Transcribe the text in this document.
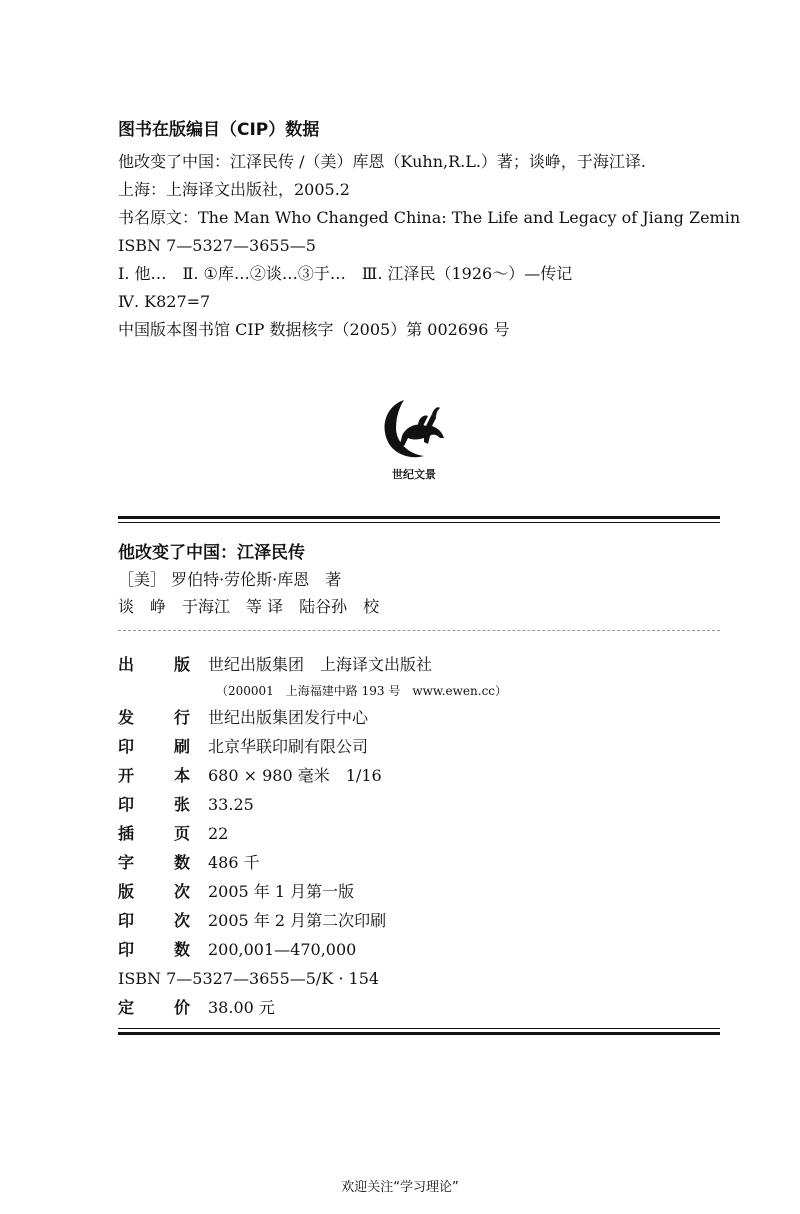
图书在版编目（CIP）数据
他改变了中国：江泽民传 /（美）库恩（Kuhn,R.L.）著；谈峥，于海江译.
上海：上海译文出版社，2005.2
书名原文：The Man Who Changed China: The Life and Legacy of Jiang Zemin
ISBN 7—5327—3655—5
Ⅰ. 他…　Ⅱ. ①库…②谈…③于…　Ⅲ. 江泽民（1926～）—传记
Ⅳ. K827=7
中国版本图书馆 CIP 数据核字（2005）第 002696 号
世纪文景
他改变了中国：江泽民传
［美］ 罗伯特·劳伦斯·库恩　著
谈　峥　于海江　等 译　陆谷孙　校
出 版 世纪出版集团　上海译文出版社
（200001　上海福建中路 193 号　www.ewen.cc）
发 行 世纪出版集团发行中心
印 刷 北京华联印刷有限公司
开 本 680 × 980 毫米　1/16
印 张 33.25
插 页 22
字 数 486 千
版 次 2005 年 1 月第一版
印 次 2005 年 2 月第二次印刷
印 数 200,001—470,000
ISBN 7—5327—3655—5/K · 154
定 价 38.00 元
欢迎关注“学习理论”
